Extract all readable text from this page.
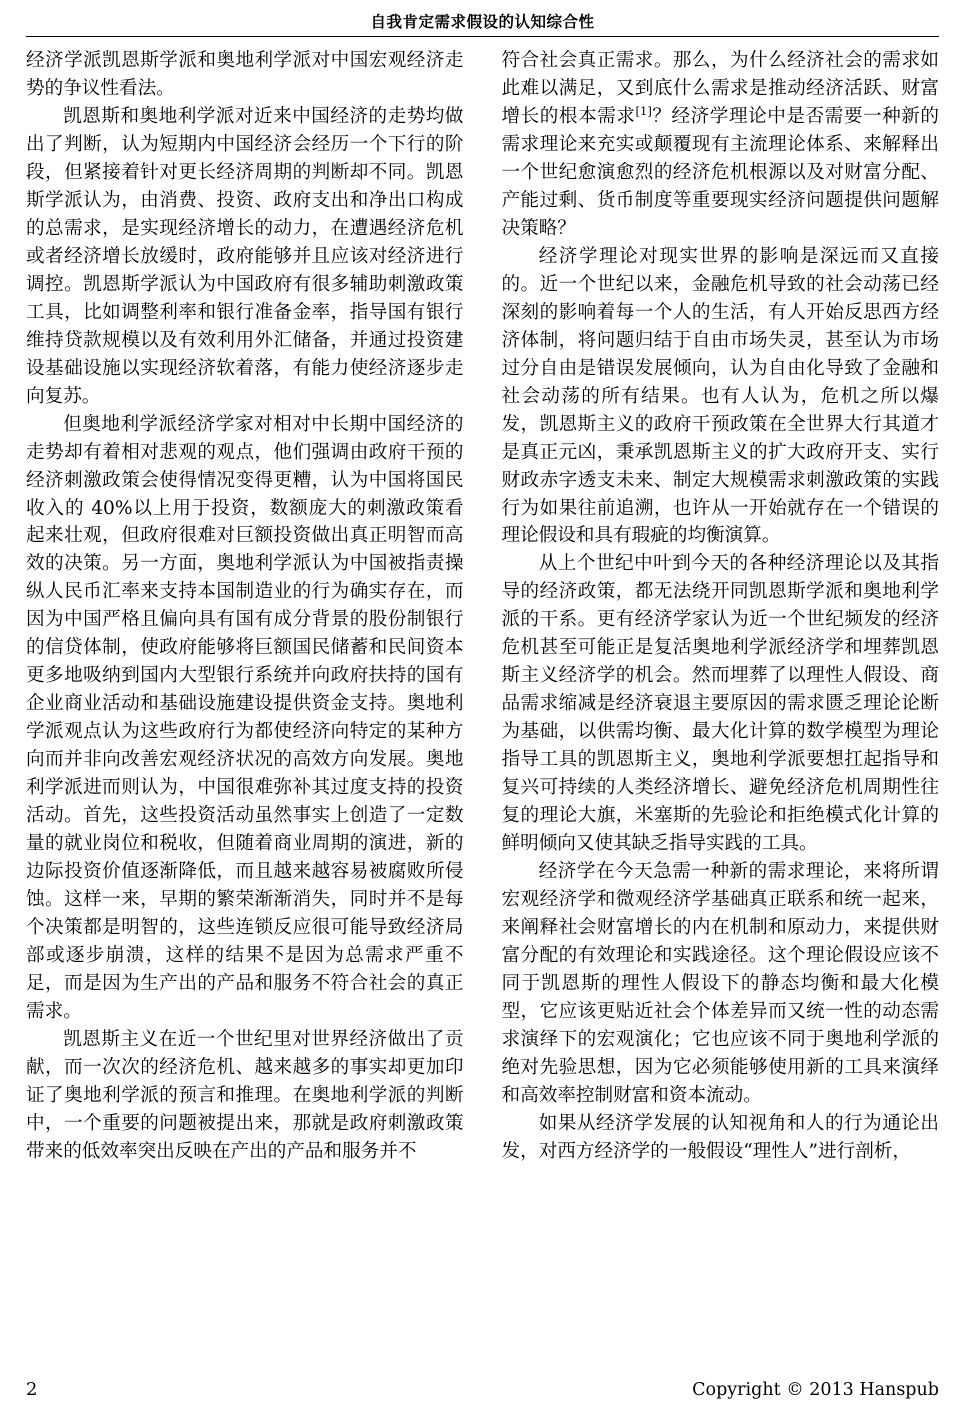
自我肯定需求假设的认知综合性

经济学派凯恩斯学派和奥地利学派对中国宏观经济走势的争议性看法。

凯恩斯和奥地利学派对近来中国经济的走势均做出了判断，认为短期内中国经济会经历一个下行的阶段，但紧接着针对更长经济周期的判断却不同。凯恩斯学派认为，由消费、投资、政府支出和净出口构成的总需求，是实现经济增长的动力，在遭遇经济危机或者经济增长放缓时，政府能够并且应该对经济进行调控。凯恩斯学派认为中国政府有很多辅助刺激政策工具，比如调整利率和银行准备金率，指导国有银行维持贷款规模以及有效利用外汇储备，并通过投资建设基础设施以实现经济软着落，有能力使经济逐步走向复苏。

但奥地利学派经济学家对相对中长期中国经济的走势却有着相对悲观的观点，他们强调由政府干预的经济刺激政策会使得情况变得更糟，认为中国将国民收入的 40%以上用于投资，数额庞大的刺激政策看起来壮观，但政府很难对巨额投资做出真正明智而高效的决策。另一方面，奥地利学派认为中国被指责操纵人民币汇率来支持本国制造业的行为确实存在，而因为中国严格且偏向具有国有成分背景的股份制银行的信贷体制，使政府能够将巨额国民储蓄和民间资本更多地吸纳到国内大型银行系统并向政府扶持的国有企业商业活动和基础设施建设提供资金支持。奥地利学派观点认为这些政府行为都使经济向特定的某种方向而并非向改善宏观经济状况的高效方向发展。奥地利学派进而则认为，中国很难弥补其过度支持的投资活动。首先，这些投资活动虽然事实上创造了一定数量的就业岗位和税收，但随着商业周期的演进，新的边际投资价值逐渐降低，而且越来越容易被腐败所侵蚀。这样一来，早期的繁荣渐渐消失，同时并不是每个决策都是明智的，这些连锁反应很可能导致经济局部或逐步崩溃，这样的结果不是因为总需求严重不足，而是因为生产出的产品和服务不符合社会的真正需求。

凯恩斯主义在近一个世纪里对世界经济做出了贡献，而一次次的经济危机、越来越多的事实却更加印证了奥地利学派的预言和推理。在奥地利学派的判断中，一个重要的问题被提出来，那就是政府刺激政策带来的低效率突出反映在产出的产品和服务并不

符合社会真正需求。那么，为什么经济社会的需求如此难以满足，又到底什么需求是推动经济活跃、财富增长的根本需求[1]？经济学理论中是否需要一种新的需求理论来充实或颠覆现有主流理论体系、来解释出一个世纪愈演愈烈的经济危机根源以及对财富分配、产能过剩、货币制度等重要现实经济问题提供问题解决策略？

经济学理论对现实世界的影响是深远而又直接的。近一个世纪以来，金融危机导致的社会动荡已经深刻的影响着每一个人的生活，有人开始反思西方经济体制，将问题归结于自由市场失灵，甚至认为市场过分自由是错误发展倾向，认为自由化导致了金融和社会动荡的所有结果。也有人认为，危机之所以爆发，凯恩斯主义的政府干预政策在全世界大行其道才是真正元凶，秉承凯恩斯主义的扩大政府开支、实行财政赤字透支未来、制定大规模需求刺激政策的实践行为如果往前追溯，也许从一开始就存在一个错误的理论假设和具有瑕疵的均衡演算。

从上个世纪中叶到今天的各种经济理论以及其指导的经济政策，都无法绕开同凯恩斯学派和奥地利学派的干系。更有经济学家认为近一个世纪频发的经济危机甚至可能正是复活奥地利学派经济学和埋葬凯恩斯主义经济学的机会。然而埋葬了以理性人假设、商品需求缩减是经济衰退主要原因的需求匮乏理论论断为基础，以供需均衡、最大化计算的数学模型为理论指导工具的凯恩斯主义，奥地利学派要想扛起指导和复兴可持续的人类经济增长、避免经济危机周期性往复的理论大旗，米塞斯的先验论和拒绝模式化计算的鲜明倾向又使其缺乏指导实践的工具。

经济学在今天急需一种新的需求理论，来将所谓宏观经济学和微观经济学基础真正联系和统一起来，来阐释社会财富增长的内在机制和原动力，来提供财富分配的有效理论和实践途径。这个理论假设应该不同于凯恩斯的理性人假设下的静态均衡和最大化模型，它应该更贴近社会个体差异而又统一性的动态需求演绎下的宏观演化；它也应该不同于奥地利学派的绝对先验思想，因为它必须能够使用新的工具来演绎和高效率控制财富和资本流动。

如果从经济学发展的认知视角和人的行为通论出发，对西方经济学的一般假设“理性人”进行剖析，

2	Copyright © 2013 Hanspub
